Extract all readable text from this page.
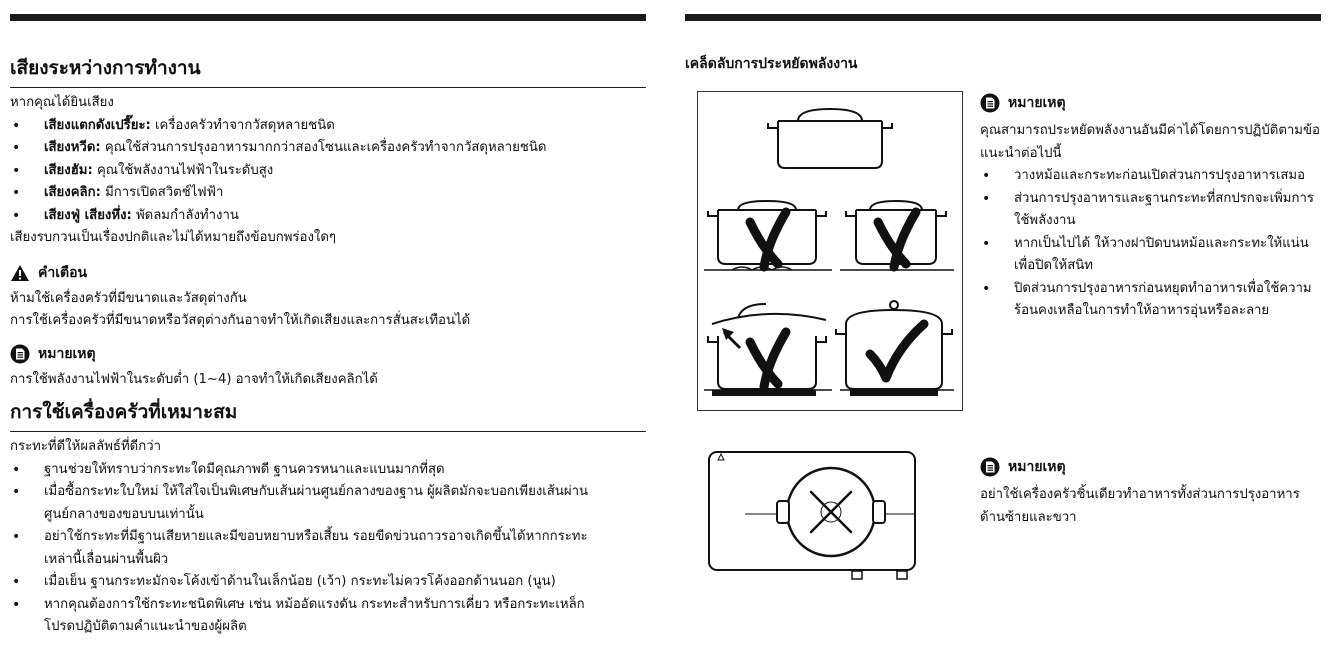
เสียงระหว่างการทำงาน

หากคุณได้ยินเสียง

• เสียงแตกดังเปรี๊ยะ: เครื่องครัวทำจากวัสดุหลายชนิด
• เสียงหวีด: คุณใช้ส่วนการปรุงอาหารมากกว่าสองโซนและเครื่องครัวทำจากวัสดุหลายชนิด
• เสียงฮัม: คุณใช้พลังงานไฟฟ้าในระดับสูง
• เสียงคลิก: มีการเปิดสวิตช์ไฟฟ้า
• เสียงฟู่ เสียงหึ่ง: พัดลมกำลังทำงาน

เสียงรบกวนเป็นเรื่องปกติและไม่ได้หมายถึงข้อบกพร่องใดๆ

คำเตือน

ห้ามใช้เครื่องครัวที่มีขนาดและวัสดุต่างกัน

การใช้เครื่องครัวที่มีขนาดหรือวัสดุต่างกันอาจทำให้เกิดเสียงและการสั่นสะเทือนได้

หมายเหตุ

การใช้พลังงานไฟฟ้าในระดับต่ำ (1~4) อาจทำให้เกิดเสียงคลิกได้

การใช้เครื่องครัวที่เหมาะสม

กระทะที่ดีให้ผลลัพธ์ที่ดีกว่า

• ฐานช่วยให้ทราบว่ากระทะใดมีคุณภาพดี ฐานควรหนาและแบนมากที่สุด
• เมื่อซื้อกระทะใบใหม่ ให้ใส่ใจเป็นพิเศษกับเส้นผ่านศูนย์กลางของฐาน ผู้ผลิตมักจะบอกเพียงเส้นผ่านศูนย์กลางของขอบบนเท่านั้น
• อย่าใช้กระทะที่มีฐานเสียหายและมีขอบหยาบหรือเสี้ยน รอยขีดข่วนถาวรอาจเกิดขึ้นได้หากกระทะเหล่านี้เลื่อนผ่านพื้นผิว
• เมื่อเย็น ฐานกระทะมักจะโค้งเข้าด้านในเล็กน้อย (เว้า) กระทะไม่ควรโค้งออกด้านนอก (นูน)
• หากคุณต้องการใช้กระทะชนิดพิเศษ เช่น หม้ออัดแรงดัน กระทะสำหรับการเคี่ยว หรือกระทะเหล็ก โปรดปฏิบัติตามคำแนะนำของผู้ผลิต
เคล็ดลับการประหยัดพลังงาน
หมายเหตุ

คุณสามารถประหยัดพลังงานอันมีค่าได้โดยการปฏิบัติตามข้อแนะนำต่อไปนี้

• วางหม้อและกระทะก่อนเปิดส่วนการปรุงอาหารเสมอ
• ส่วนการปรุงอาหารและฐานกระทะที่สกปรกจะเพิ่มการใช้พลังงาน
• หากเป็นไปได้ ให้วางฝาปิดบนหม้อและกระทะให้แน่นเพื่อปิดให้สนิท
• ปิดส่วนการปรุงอาหารก่อนหยุดทำอาหารเพื่อใช้ความร้อนคงเหลือในการทำให้อาหารอุ่นหรือละลาย
หมายเหตุ

อย่าใช้เครื่องครัวชิ้นเดียวทำอาหารทั้งส่วนการปรุงอาหารด้านซ้ายและขวา
